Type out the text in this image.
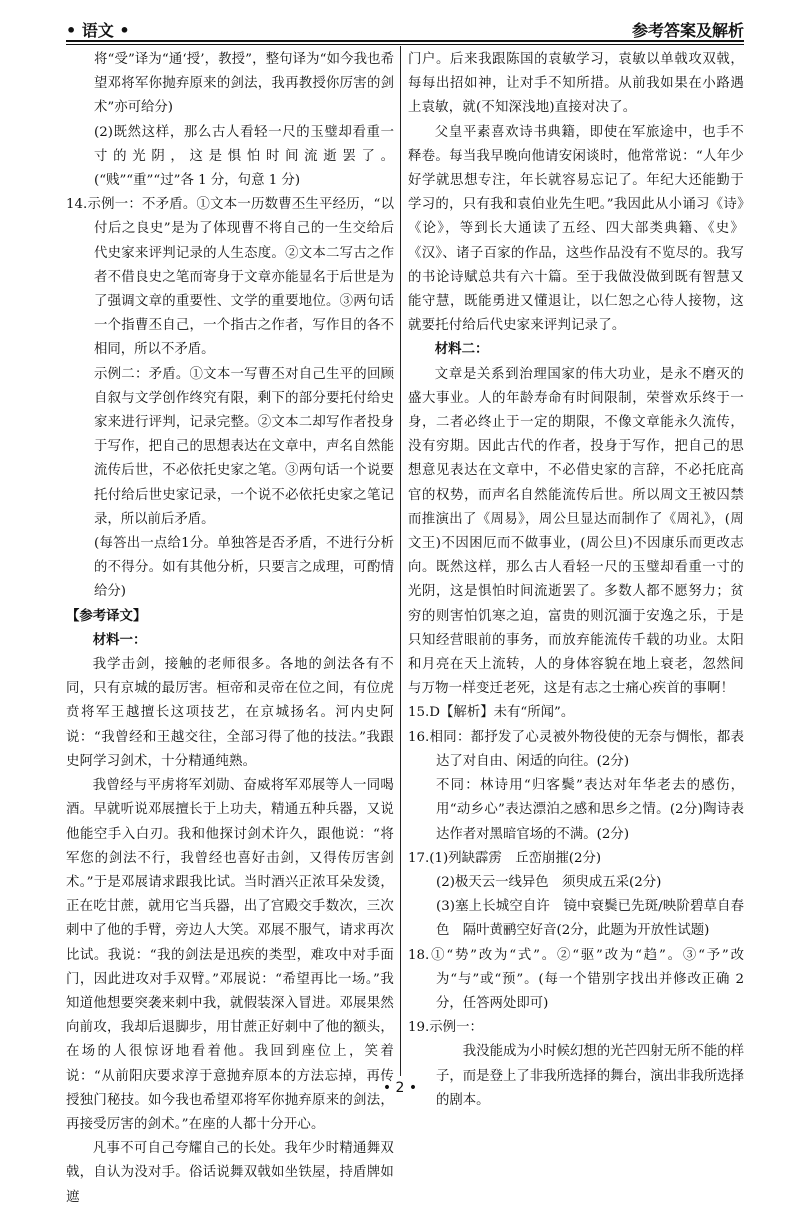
• 语文 •	参考答案及解析

将“受”译为“通‘授’，教授”，整句译为“如今我也希望邓将军你抛弃原来的剑法，我再教授你厉害的剑术”亦可给分)

(2)既然这样，那么古人看轻一尺的玉璧却看重一寸的光阴，这是惧怕时间流逝罢了。(“贱”“重”“过”各 1 分，句意 1 分)

14.示例一：不矛盾。①文本一历数曹丕生平经历，“以付后之良史”是为了体现曹不将自己的一生交给后代史家来评判记录的人生态度。②文本二写古之作者不借良史之笔而寄身于文章亦能显名于后世是为了强调文章的重要性、文学的重要地位。③两句话一个指曹丕自己，一个指古之作者，写作目的各不相同，所以不矛盾。

示例二：矛盾。①文本一写曹丕对自己生平的回顾自叙与文学创作终究有限，剩下的部分要托付给史家来进行评判，记录完整。②文本二却写作者投身于写作，把自己的思想表达在文章中，声名自然能流传后世，不必依托史家之笔。③两句话一个说要托付给后世史家记录，一个说不必依托史家之笔记录，所以前后矛盾。

(每答出一点给1分。单独答是否矛盾，不进行分析的不得分。如有其他分析，只要言之成理，可酌情给分)

【参考译文】

材料一：

我学击剑，接触的老师很多。各地的剑法各有不同，只有京城的最厉害。桓帝和灵帝在位之间，有位虎贲将军王越擅长这项技艺，在京城扬名。河内史阿说：“我曾经和王越交往，全部习得了他的技法。”我跟史阿学习剑术，十分精通纯熟。

我曾经与平虏将军刘勋、奋威将军邓展等人一同喝酒。早就听说邓展擅长于上功夫，精通五种兵器，又说他能空手入白刃。我和他探讨剑术许久，跟他说：“将军您的剑法不行，我曾经也喜好击剑，又得传厉害剑术。”于是邓展请求跟我比试。当时酒兴正浓耳朵发烫，正在吃甘蔗，就用它当兵器，出了宫殿交手数次，三次刺中了他的手臂，旁边人大笑。邓展不服气，请求再次比试。我说：“我的剑法是迅疾的类型，难攻中对手面门，因此进攻对手双臂。”邓展说：“希望再比一场。”我知道他想要突袭来刺中我，就假装深入冒进。邓展果然向前攻，我却后退脚步，用甘蔗正好刺中了他的额头，在场的人很惊讶地看着他。我回到座位上，笑着说：“从前阳庆要求淳于意抛弃原本的方法忘掉，再传授独门秘技。如今我也希望邓将军你抛弃原来的剑法，再接受厉害的剑术。”在座的人都十分开心。

凡事不可自己夸耀自己的长处。我年少时精通舞双戟，自认为没对手。俗话说舞双戟如坐铁屋，持盾牌如遮

门户。后来我跟陈国的袁敏学习，袁敏以单戟攻双戟，每每出招如神，让对手不知所措。从前我如果在小路遇上袁敏，就(不知深浅地)直接对决了。

父皇平素喜欢诗书典籍，即使在军旅途中，也手不释卷。每当我早晚向他请安闲谈时，他常常说：“人年少好学就思想专注，年长就容易忘记了。年纪大还能勤于学习的，只有我和袁伯业先生吧。”我因此从小诵习《诗》《论》，等到长大通读了五经、四大部类典籍、《史》《汉》、诸子百家的作品，这些作品没有不览尽的。我写的书论诗赋总共有六十篇。至于我做没做到既有智慧又能守慧，既能勇进又懂退让，以仁恕之心待人接物，这就要托付给后代史家来评判记录了。

材料二：

文章是关系到治理国家的伟大功业，是永不磨灭的盛大事业。人的年龄寿命有时间限制，荣誉欢乐终于一身，二者必终止于一定的期限，不像文章能永久流传，没有穷期。因此古代的作者，投身于写作，把自己的思想意见表达在文章中，不必借史家的言辞，不必托庇高官的权势，而声名自然能流传后世。所以周文王被囚禁而推演出了《周易》，周公旦显达而制作了《周礼》，(周文王)不因困厄而不做事业，(周公旦)不因康乐而更改志向。既然这样，那么古人看轻一尺的玉璧却看重一寸的光阴，这是惧怕时间流逝罢了。多数人都不愿努力；贫穷的则害怕饥寒之迫，富贵的则沉湎于安逸之乐，于是只知经营眼前的事务，而放弃能流传千载的功业。太阳和月亮在天上流转，人的身体容貌在地上衰老，忽然间与万物一样变迁老死，这是有志之士痛心疾首的事啊！

15.D【解析】未有“所闻”。

16.相同：都抒发了心灵被外物役使的无奈与惆怅，都表达了对自由、闲适的向往。(2分)

不同：林诗用“归客鬓”表达对年华老去的感伤，用“动乡心”表达漂泊之感和思乡之情。(2分)陶诗表达作者对黑暗官场的不满。(2分)

17.(1)列缺霹雳　丘峦崩摧(2分)

(2)极天云一线异色　须臾成五采(2分)

(3)塞上长城空自许　镜中衰鬓已先斑/映阶碧草自春色　隔叶黄鹂空好音(2分，此题为开放性试题)

18.①“势”改为“式”。②“驱”改为“趋”。③“予”改为“与”或“预”。(每一个错别字找出并修改正确 2 分，任答两处即可)

19.示例一：

我没能成为小时候幻想的光芒四射无所不能的样子，而是登上了非我所选择的舞台，演出非我所选择的剧本。

• 2 •
